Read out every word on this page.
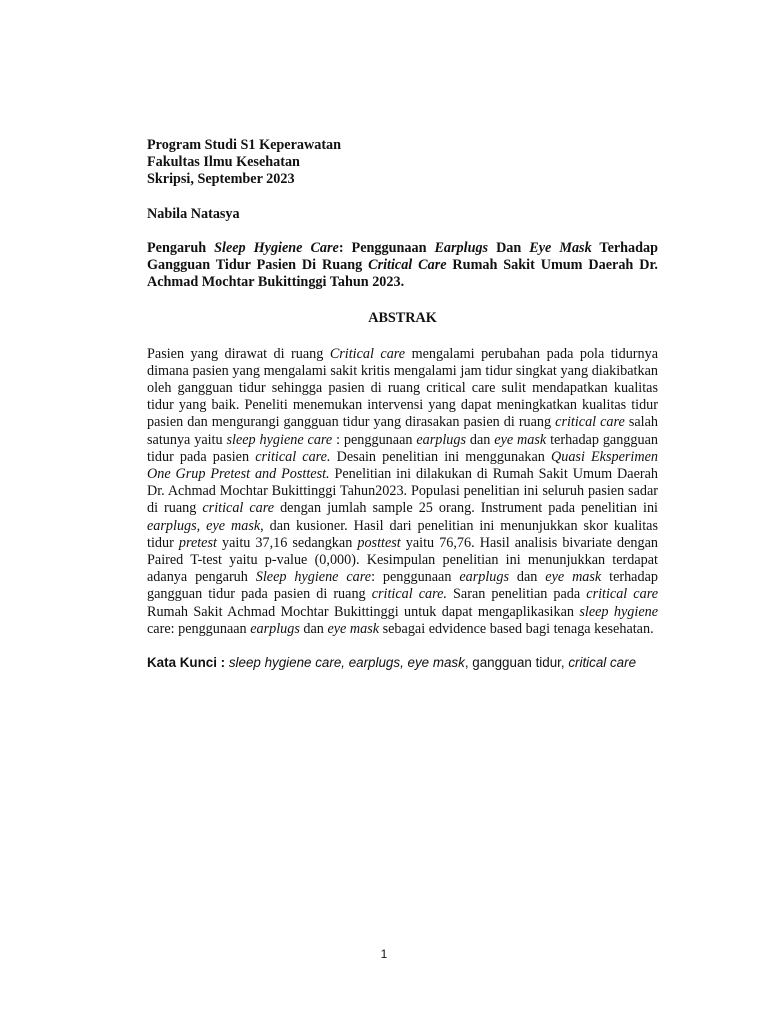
Program Studi S1 Keperawatan
Fakultas Ilmu Kesehatan
Skripsi, September 2023
Nabila Natasya
Pengaruh Sleep Hygiene Care: Penggunaan Earplugs Dan Eye Mask Terhadap Gangguan Tidur Pasien Di Ruang Critical Care Rumah Sakit Umum Daerah Dr. Achmad Mochtar Bukittinggi Tahun 2023.
ABSTRAK

Pasien yang dirawat di ruang Critical care mengalami perubahan pada pola tidurnya dimana pasien yang mengalami sakit kritis mengalami jam tidur singkat yang diakibatkan oleh gangguan tidur sehingga pasien di ruang critical care sulit mendapatkan kualitas tidur yang baik. Peneliti menemukan intervensi yang dapat meningkatkan kualitas tidur pasien dan mengurangi gangguan tidur yang dirasakan pasien di ruang critical care salah satunya yaitu sleep hygiene care : penggunaan earplugs dan eye mask terhadap gangguan tidur pada pasien critical care. Desain penelitian ini menggunakan Quasi Eksperimen One Grup Pretest and Posttest. Penelitian ini dilakukan di Rumah Sakit Umum Daerah Dr. Achmad Mochtar Bukittinggi Tahun2023. Populasi penelitian ini seluruh pasien sadar di ruang critical care dengan jumlah sample 25 orang. Instrument pada penelitian ini earplugs, eye mask, dan kusioner. Hasil dari penelitian ini menunjukkan skor kualitas tidur pretest yaitu 37,16 sedangkan posttest yaitu 76,76. Hasil analisis bivariate dengan Paired T-test yaitu p-value (0,000). Kesimpulan penelitian ini menunjukkan terdapat adanya pengaruh Sleep hygiene care: penggunaan earplugs dan eye mask terhadap gangguan tidur pada pasien di ruang critical care. Saran penelitian pada critical care Rumah Sakit Achmad Mochtar Bukittinggi untuk dapat mengaplikasikan sleep hygiene care: penggunaan earplugs dan eye mask sebagai edvidence based bagi tenaga kesehatan.

Kata Kunci : sleep hygiene care, earplugs, eye mask, gangguan tidur, critical care
1
